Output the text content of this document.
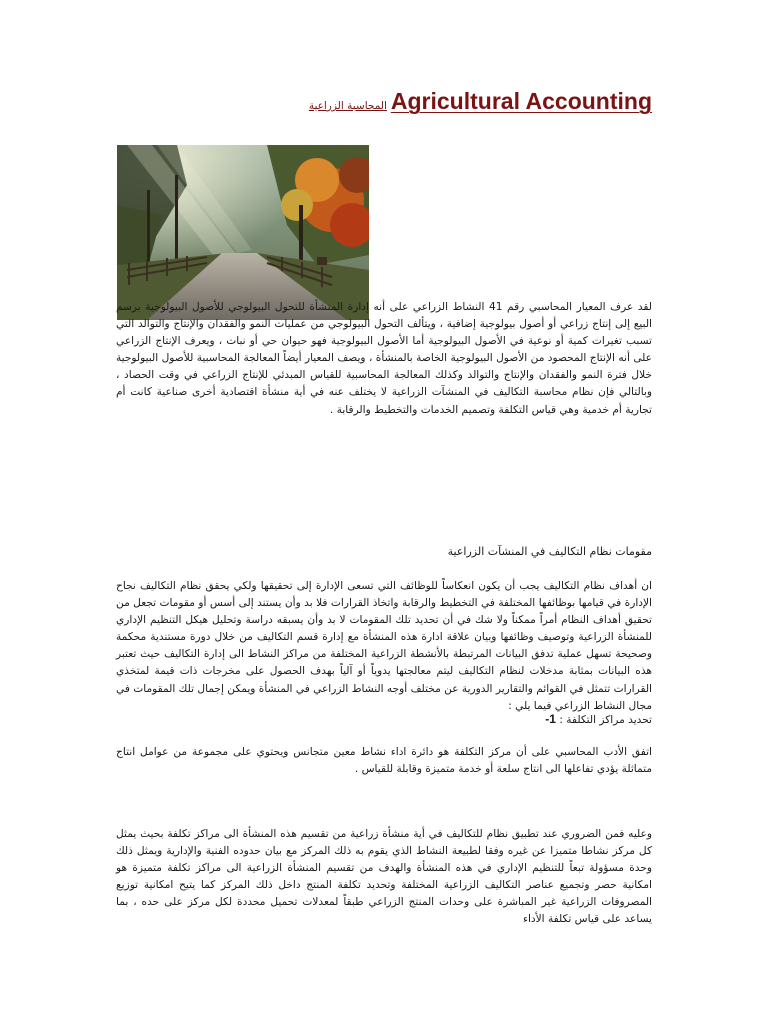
المحاسبة الزراعية Agricultural Accounting
لقد عرف المعيار المحاسبي رقم 41 النشاط الزراعي على أنه إدارة المنشأة للتحول البيولوجي للأصول البيولوجية برسم البيع إلى إنتاج زراعي أو أصول بيولوجية إضافية ، ويتألف التحول البيولوجي من عمليات النمو والفقدان والإنتاج والتوالد التي تسبب تغيرات كمية أو نوعية في الأصول البيولوجية أما الأصول البيولوجية فهو حيوان حي أو نبات ، ويعرف الإنتاج الزراعي على أنه الإنتاج المحصود من الأصول البيولوجية الخاصة بالمنشأة ، ويصف المعيار أيضاً المعالجة المحاسبية للأصول البيولوجية خلال فترة النمو والفقدان والإنتاج والتوالد وكذلك المعالجة المحاسبية للقياس المبدئي للإنتاج الزراعي في وقت الحصاد ، وبالتالي فإن نظام محاسبة التكاليف في المنشآت الزراعية لا يختلف عنه في أية منشأة اقتصادية أخرى صناعية كانت أم تجارية أم خدمية وهي قياس التكلفة وتصميم الخدمات والتخطيط والرقابة .
مقومات نظام التكاليف في المنشآت الزراعية
ان أهداف نظام التكاليف يجب أن يكون انعكاساً للوظائف التي تسعى الإدارة إلى تحقيقها ولكي يحقق نظام التكاليف نجاح الإدارة في قيامها بوظائفها المختلفة في التخطيط والرقابة واتخاذ القرارات فلا بد وأن يستند إلى أسس أو مقومات تجعل من تحقيق أهداف النظام أمراً ممكناً ولا شك في أن تحديد تلك المقومات لا بد وأن يسبقه دراسة وتحليل هيكل التنظيم الإداري للمنشأة الزراعية وتوصيف وظائفها وبيان علاقة ادارة هذه المنشأة مع إدارة قسم التكاليف من خلال دورة مستندية محكمة وصحيحة تسهل عملية تدفق البيانات المرتبطة بالأنشطة الزراعية المختلفة من مراكز النشاط الى إدارة التكاليف حيث تعتبر هذه البيانات بمثابة مدخلات لنظام التكاليف ليتم معالجتها يدوياً أو آلياً بهدف الحصول على مخرجات ذات قيمة لمتخذي القرارات تتمثل في القوائم والتقارير الدورية عن مختلف أوجه النشاط الزراعي في المنشأة ويمكن إجمال تلك المقومات في مجال النشاط الزراعي فيما يلي :
تحديد مراكز التكلفة : 1-
اتفق الأدب المحاسبي على أن مركز التكلفة هو دائرة اداء نشاط معين متجانس ويحتوي على مجموعة من عوامل انتاج متماثلة يؤدي تفاعلها الى انتاج سلعة أو خدمة متميزة وقابلة للقياس .
وعليه فمن الضروري عند تطبيق نظام للتكاليف في أية منشأة زراعية من تقسيم هذه المنشأة الى مراكز تكلفة بحيث يمثل كل مركز نشاطا متميزا عن غيره وفقا لطبيعة النشاط الذي يقوم به ذلك المركز مع بيان حدوده الفنية والإدارية ويمثل ذلك وحدة مسؤولة تبعاً للتنظيم الإداري في هذه المنشأة والهدف من تقسيم المنشأة الزراعية الى مراكز تكلفة متميزة هو امكانية حصر وتجميع عناصر التكاليف الزراعية المختلفة وتحديد تكلفة المنتج داخل ذلك المركز كما يتيح امكانية توزيع المصروفات الزراعية غير المباشرة على وحدات المنتج الزراعي طبقاً لمعدلات تحميل محددة لكل مركز على حده ، بما يساعد على قياس تكلفة الأداء
